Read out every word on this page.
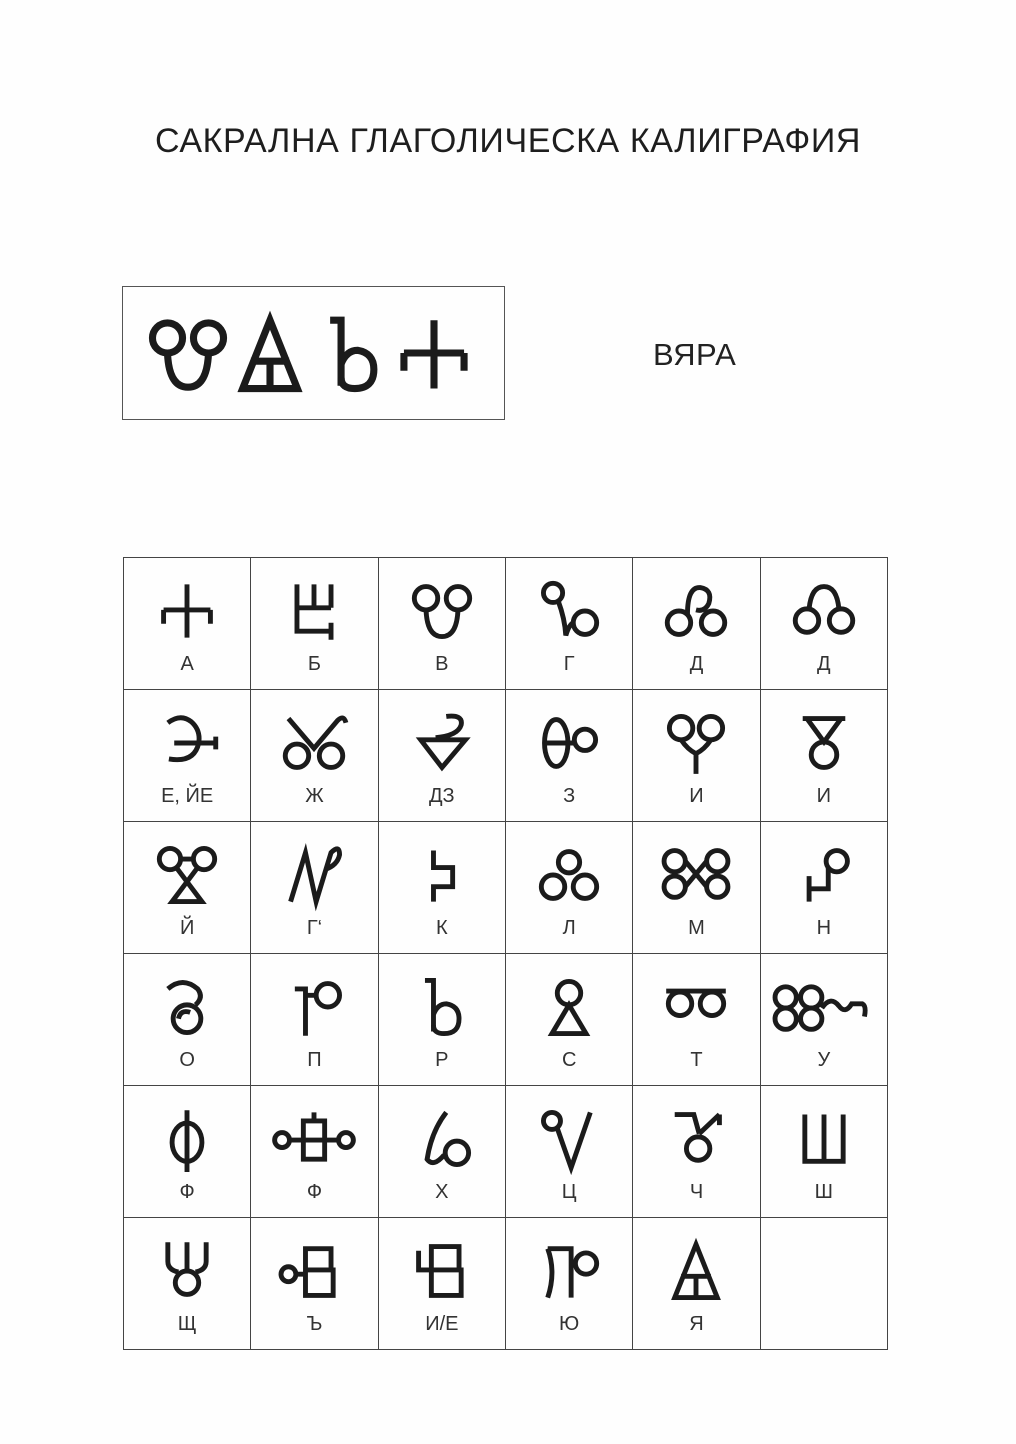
САКРАЛНА ГЛАГОЛИЧЕСКА КАЛИГРАФИЯ
ВЯРА
А	Б	В	Г	Д	Д
Е, ЙЕ	Ж	ДЗ	З	И	И
Й	Г‘	К	Л	М	Н
О	П	Р	С	Т	У
Ф	Ф	Х	Ц	Ч	Ш
Щ	Ъ	И/Е	Ю	Я
